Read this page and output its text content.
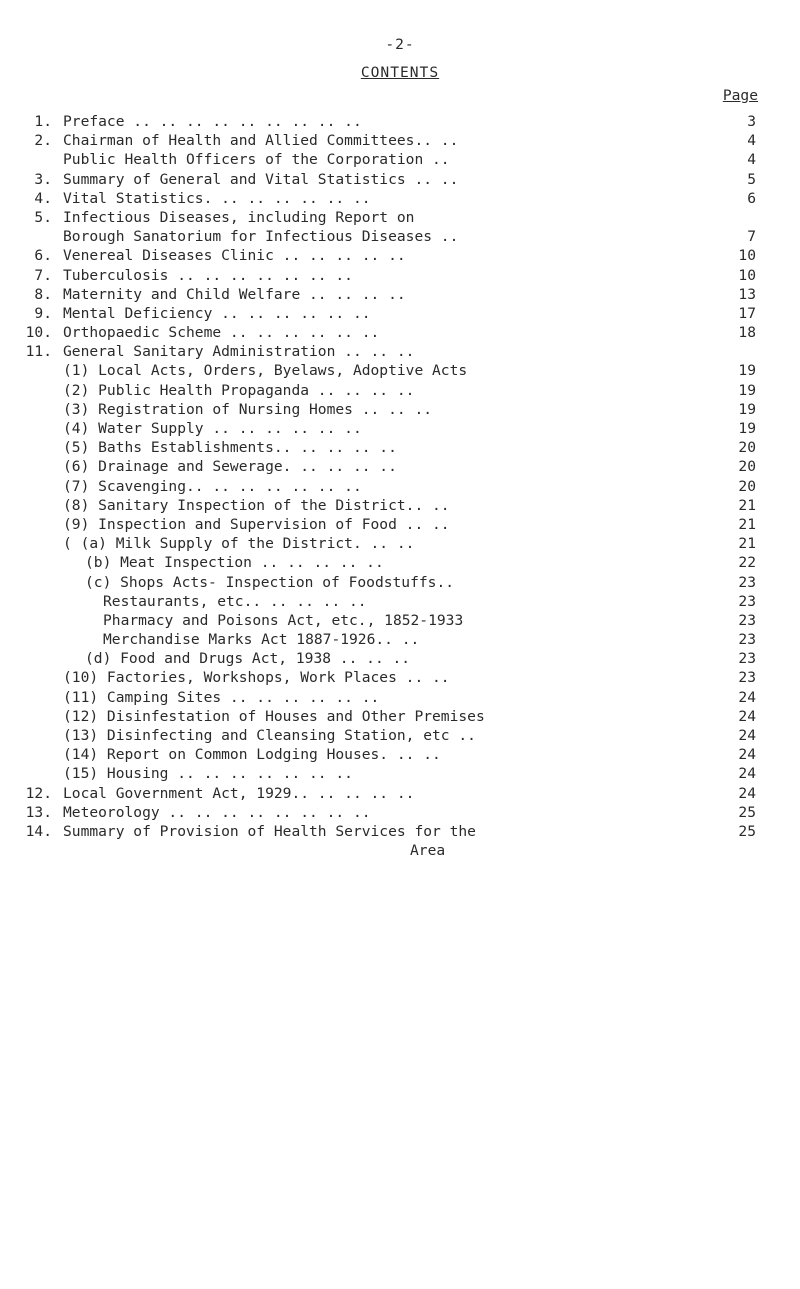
-2-
CONTENTS
Page
1. Preface .. .. .. .. .. .. .. .. ..	3
2. Chairman of Health and Allied Committees.. ..	4
Public Health Officers of the Corporation ..	4
3. Summary of General and Vital Statistics .. ..	5
4. Vital Statistics. .. .. .. .. .. ..	6
5. Infectious Diseases, including Report on
Borough Sanatorium for Infectious Diseases ..	7
6. Venereal Diseases Clinic .. .. .. .. ..	10
7. Tuberculosis .. .. .. .. .. .. ..	10
8. Maternity and Child Welfare .. .. .. ..	13
9. Mental Deficiency .. .. .. .. .. ..	17
10. Orthopaedic Scheme .. .. .. .. .. ..	18
11. General Sanitary Administration .. .. ..
(1) Local Acts, Orders, Byelaws, Adoptive Acts	19
(2) Public Health Propaganda .. .. .. ..	19
(3) Registration of Nursing Homes .. .. ..	19
(4) Water Supply .. .. .. .. .. ..	19
(5) Baths Establishments.. .. .. .. ..	20
(6) Drainage and Sewerage. .. .. .. ..	20
(7) Scavenging.. .. .. .. .. .. ..	20
(8) Sanitary Inspection of the District.. ..	21
(9) Inspection and Supervision of Food .. ..	21
( (a) Milk Supply of the District. .. ..	21
(b) Meat Inspection .. .. .. .. ..	22
(c) Shops Acts- Inspection of Foodstuffs..	23
Restaurants, etc.. .. .. .. ..	23
Pharmacy and Poisons Act, etc., 1852-1933	23
Merchandise Marks Act 1887-1926.. ..	23
(d) Food and Drugs Act, 1938 .. .. ..	23
(10) Factories, Workshops, Work Places .. ..	23
(11) Camping Sites .. .. .. .. .. ..	24
(12) Disinfestation of Houses and Other Premises	24
(13) Disinfecting and Cleansing Station, etc ..	24
(14) Report on Common Lodging Houses. .. ..	24
(15) Housing .. .. .. .. .. .. ..	24
12. Local Government Act, 1929.. .. .. .. ..	24
13. Meteorology .. .. .. .. .. .. .. ..	25
14. Summary of Provision of Health Services for the	25
Area
